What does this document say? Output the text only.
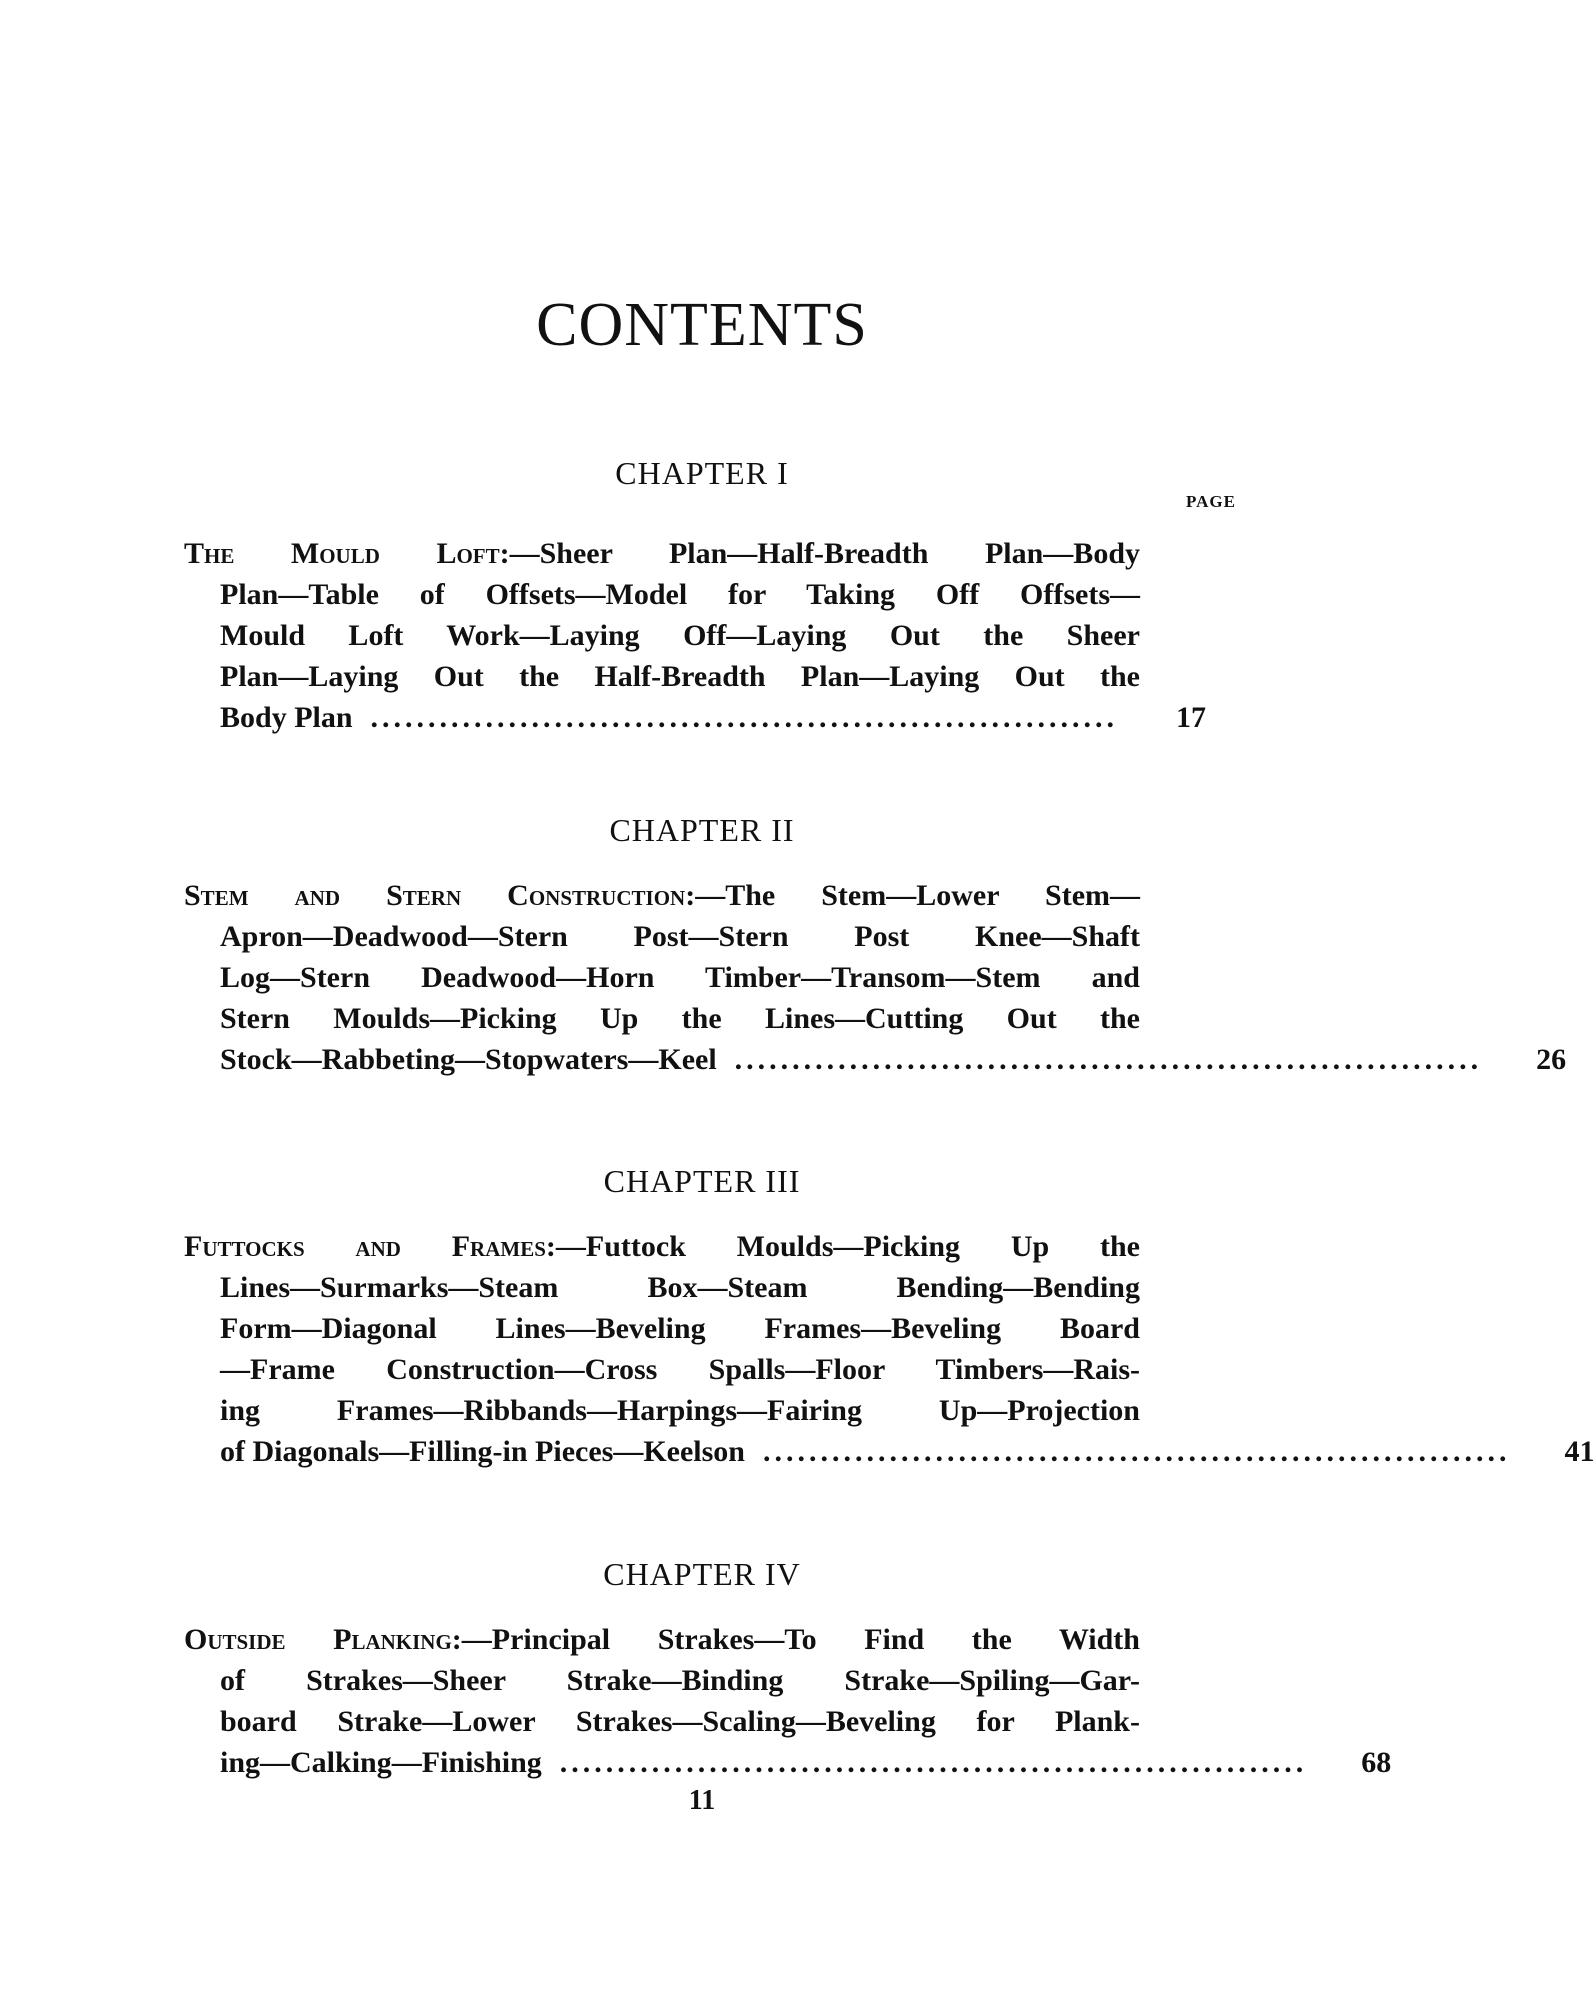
CONTENTS
CHAPTER I
PAGE

The Mould Loft:—Sheer Plan—Half-Breadth Plan—Body

Plan—Table of Offsets—Model for Taking Off Offsets—

Mould Loft Work—Laying Off—Laying Out the Sheer

Plan—Laying Out the Half-Breadth Plan—Laying Out the

Body Plan ................................................................. 17

CHAPTER II

Stem and Stern Construction:—The Stem—Lower Stem—

Apron—Deadwood—Stern Post—Stern Post Knee—Shaft

Log—Stern Deadwood—Horn Timber—Transom—Stem and

Stern Moulds—Picking Up the Lines—Cutting Out the

Stock—Rabbeting—Stopwaters—Keel ................................................................. 26

CHAPTER III

Futtocks and Frames:—Futtock Moulds—Picking Up the

Lines—Surmarks—Steam Box—Steam Bending—Bending

Form—Diagonal Lines—Beveling Frames—Beveling Board

—Frame Construction—Cross Spalls—Floor Timbers—Rais-

ing Frames—Ribbands—Harpings—Fairing Up—Projection

of Diagonals—Filling-in Pieces—Keelson ................................................................. 41

CHAPTER IV

Outside Planking:—Principal Strakes—To Find the Width

of Strakes—Sheer Strake—Binding Strake—Spiling—Gar-

board Strake—Lower Strakes—Scaling—Beveling for Plank-

ing—Calking—Finishing ................................................................. 68

11
